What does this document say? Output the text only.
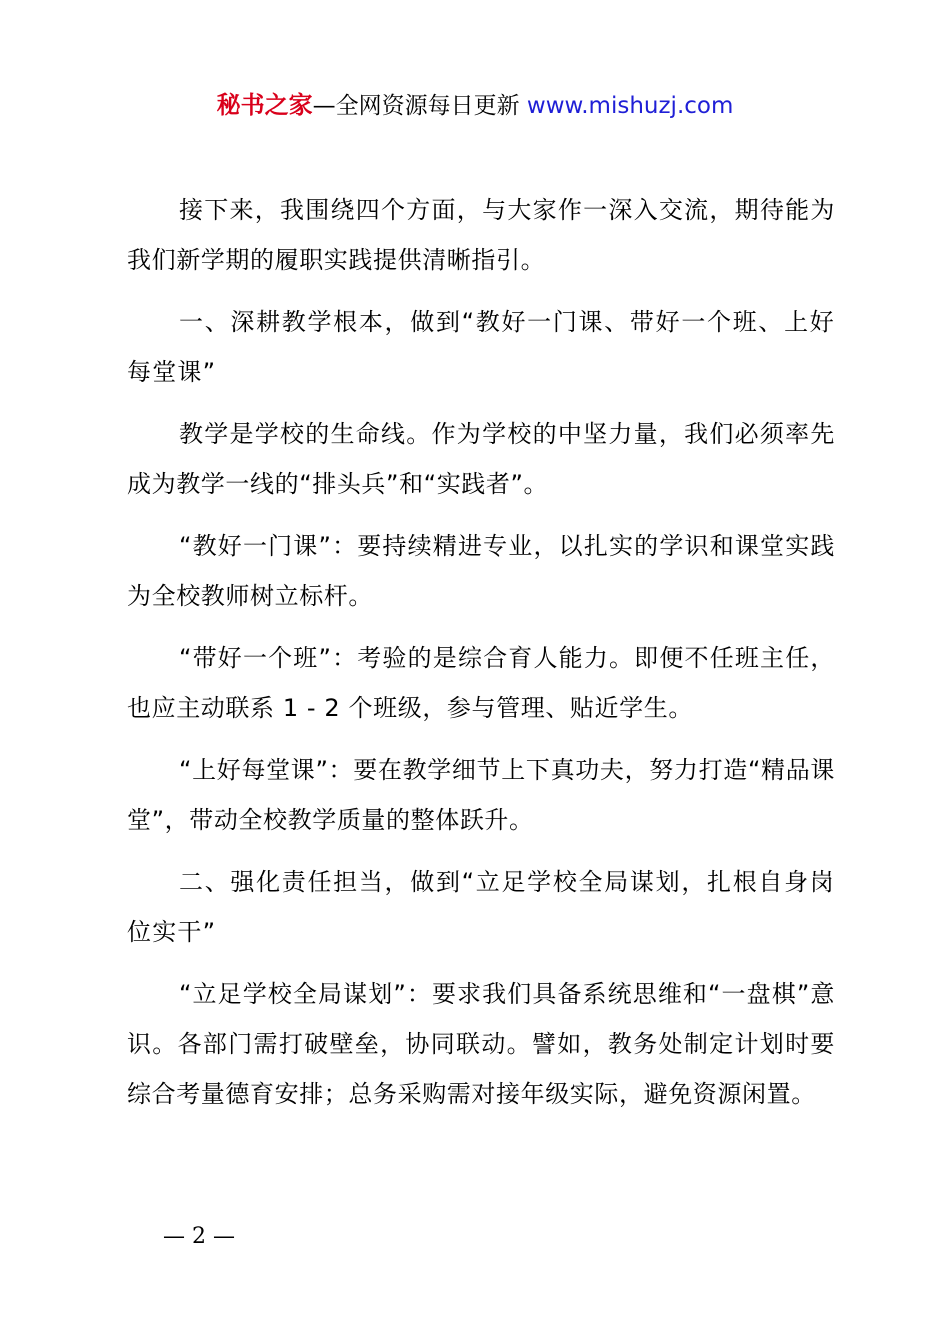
秘书之家—全网资源每日更新 www.mishuzj.com

接下来，我围绕四个方面，与大家作一深入交流，期待能为我们新学期的履职实践提供清晰指引。

一、深耕教学根本，做到“教好一门课、带好一个班、上好每堂课”

教学是学校的生命线。作为学校的中坚力量，我们必须率先成为教学一线的“排头兵”和“实践者”。

“教好一门课”：要持续精进专业，以扎实的学识和课堂实践为全校教师树立标杆。

“带好一个班”：考验的是综合育人能力。即便不任班主任，也应主动联系 1 - 2 个班级，参与管理、贴近学生。

“上好每堂课”：要在教学细节上下真功夫，努力打造“精品课堂”，带动全校教学质量的整体跃升。

二、强化责任担当，做到“立足学校全局谋划，扎根自身岗位实干”

“立足学校全局谋划”：要求我们具备系统思维和“一盘棋”意识。各部门需打破壁垒，协同联动。譬如，教务处制定计划时要综合考量德育安排；总务采购需对接年级实际，避免资源闲置。

— 2 —
